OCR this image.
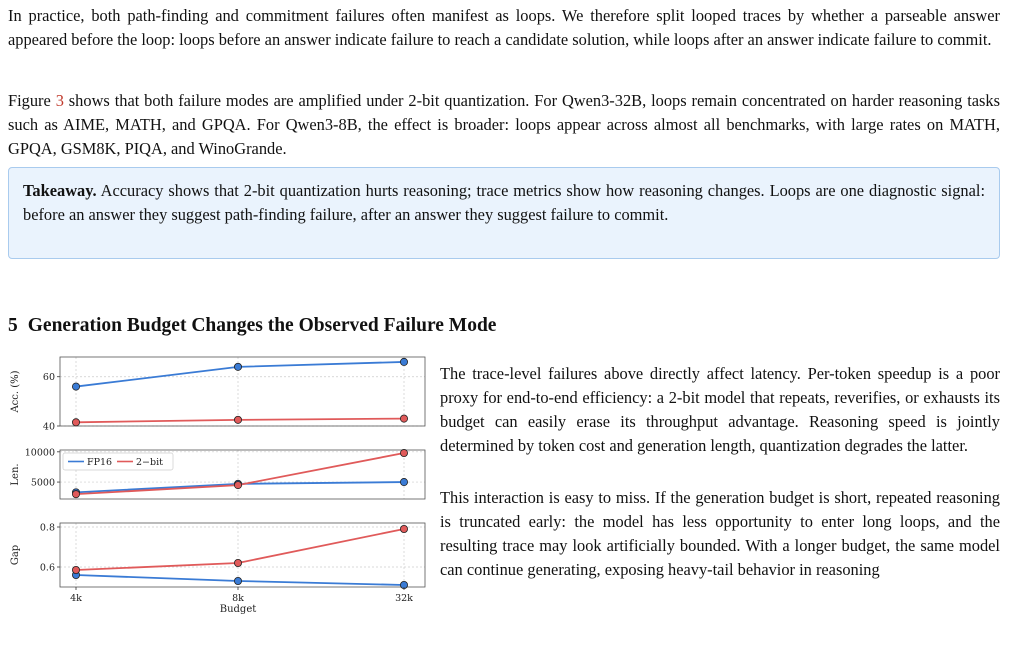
In practice, both path-finding and commitment failures often manifest as loops. We therefore split looped traces by whether a parseable answer appeared before the loop: loops before an answer indicate failure to reach a candidate solution, while loops after an answer indicate failure to commit.

Figure 3 shows that both failure modes are amplified under 2-bit quantization. For Qwen3-32B, loops remain concentrated on harder reasoning tasks such as AIME, MATH, and GPQA. For Qwen3-8B, the effect is broader: loops appear across almost all benchmarks, with large rates on MATH, GPQA, GSM8K, PIQA, and WinoGrande.

Takeaway. Accuracy shows that 2-bit quantization hurts reasoning; trace metrics show how reasoning changes. Loops are one diagnostic signal: before an answer they suggest path-finding failure, after an answer they suggest failure to commit.
5 Generation Budget Changes the Observed Failure Mode
40
60
Acc. (%)
5000
10000
Len.
FP16	2−bit
0.6
0.8
Gap
4k	8k	32k
Budget

The trace-level failures above directly affect latency. Per-token speedup is a poor proxy for end-to-end efficiency: a 2-bit model that repeats, reverifies, or exhausts its budget can easily erase its throughput advantage. Reasoning speed is jointly determined by token cost and generation length, quantization degrades the latter.

This interaction is easy to miss. If the generation budget is short, repeated reasoning is truncated early: the model has less opportunity to enter long loops, and the resulting trace may look artificially bounded. With a longer budget, the same model can continue generating, exposing heavy-tail behavior in reasoning
